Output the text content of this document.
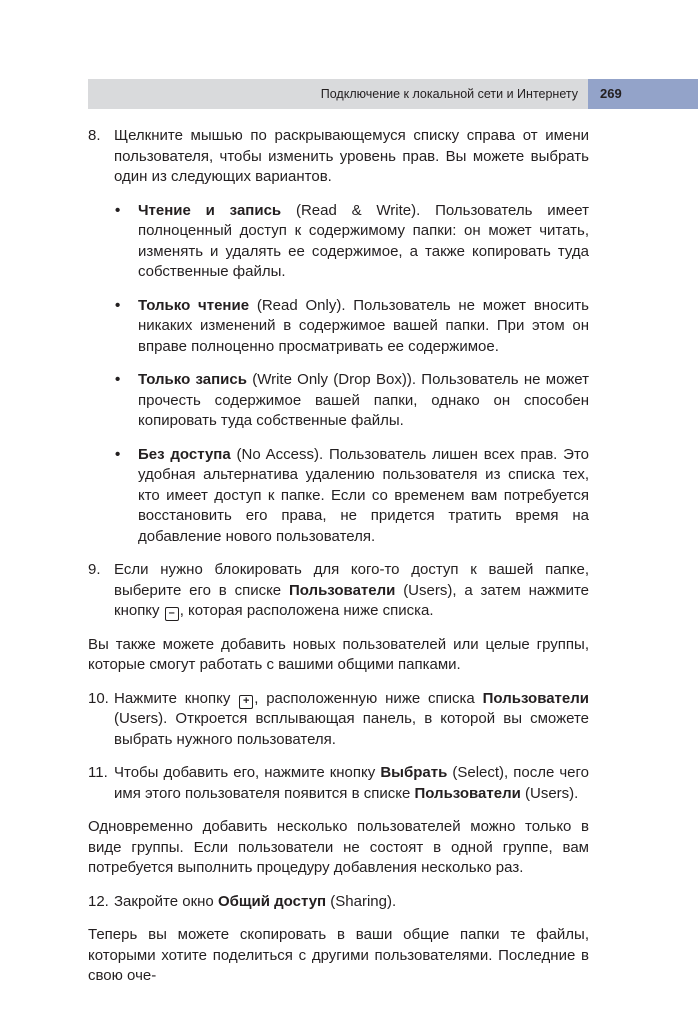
Подключение к локальной сети и Интернету	269

8. Щелкните мышью по раскрывающемуся списку справа от имени пользователя, чтобы изменить уровень прав. Вы можете выбрать один из следующих вариантов.

• Чтение и запись (Read & Write). Пользователь имеет полноценный доступ к содержимому папки: он может читать, изменять и удалять ее содержимое, а также копировать туда собственные файлы.
• Только чтение (Read Only). Пользователь не может вносить никаких изменений в содержимое вашей папки. При этом он вправе полноценно просматривать ее содержимое.
• Только запись (Write Only (Drop Box)). Пользователь не может прочесть содержимое вашей папки, однако он способен копировать туда собственные файлы.
• Без доступа (No Access). Пользователь лишен всех прав. Это удобная альтернатива удалению пользователя из списка тех, кто имеет доступ к папке. Если со временем вам потребуется восстановить его права, не придется тратить время на добавление нового пользователя.

9. Если нужно блокировать для кого-то доступ к вашей папке, выберите его в списке Пользователи (Users), а затем нажмите кнопку – , которая расположена ниже списка.

Вы также можете добавить новых пользователей или целые группы, которые смогут работать с вашими общими папками.

10. Нажмите кнопку + , расположенную ниже списка Пользователи (Users). Откроется всплывающая панель, в которой вы сможете выбрать нужного пользователя.

11. Чтобы добавить его, нажмите кнопку Выбрать (Select), после чего имя этого пользователя появится в списке Пользователи (Users).

Одновременно добавить несколько пользователей можно только в виде группы. Если пользователи не состоят в одной группе, вам потребуется выполнить процедуру добавления несколько раз.

12. Закройте окно Общий доступ (Sharing).

Теперь вы можете скопировать в ваши общие папки те файлы, которыми хотите поделиться с другими пользователями. Последние в свою оче-
